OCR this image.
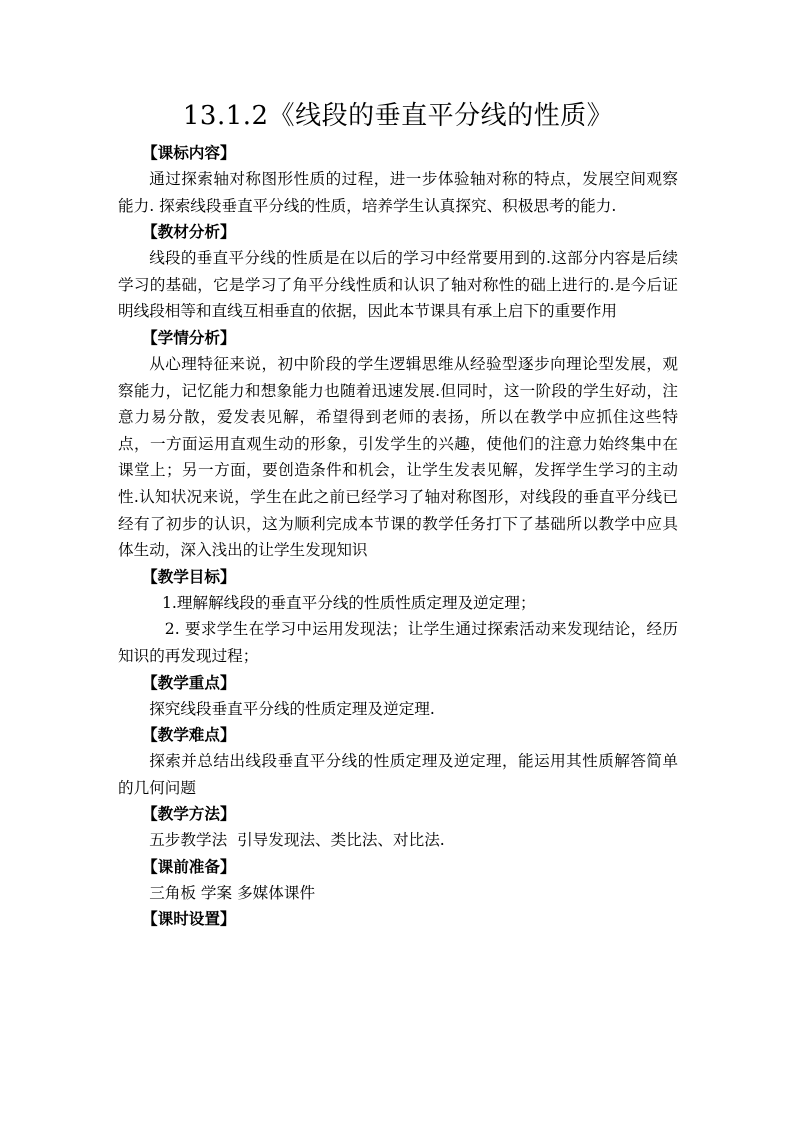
13.1.2《线段的垂直平分线的性质》

【课标内容】

通过探索轴对称图形性质的过程，进一步体验轴对称的特点，发展空间观察能力. 探索线段垂直平分线的性质，培养学生认真探究、积极思考的能力.

【教材分析】

线段的垂直平分线的性质是在以后的学习中经常要用到的.这部分内容是后续学习的基础，它是学习了角平分线性质和认识了轴对称性的础上进行的.是今后证明线段相等和直线互相垂直的依据，因此本节课具有承上启下的重要作用

【学情分析】

从心理特征来说，初中阶段的学生逻辑思维从经验型逐步向理论型发展，观察能力，记忆能力和想象能力也随着迅速发展.但同时，这一阶段的学生好动，注意力易分散，爱发表见解，希望得到老师的表扬，所以在教学中应抓住这些特点，一方面运用直观生动的形象，引发学生的兴趣，使他们的注意力始终集中在课堂上；另一方面，要创造条件和机会，让学生发表见解，发挥学生学习的主动性.认知状况来说，学生在此之前已经学习了轴对称图形，对线段的垂直平分线已经有了初步的认识，这为顺利完成本节课的教学任务打下了基础所以教学中应具体生动，深入浅出的让学生发现知识

【教学目标】

1.理解解线段的垂直平分线的性质性质定理及逆定理；

2. 要求学生在学习中运用发现法；让学生通过探索活动来发现结论，经历知识的再发现过程；

【教学重点】

探究线段垂直平分线的性质定理及逆定理.

【教学难点】

探索并总结出线段垂直平分线的性质定理及逆定理，能运用其性质解答简单的几何问题

【教学方法】

五步教学法  引导发现法、类比法、对比法.

【课前准备】

三角板 学案 多媒体课件

【课时设置】
